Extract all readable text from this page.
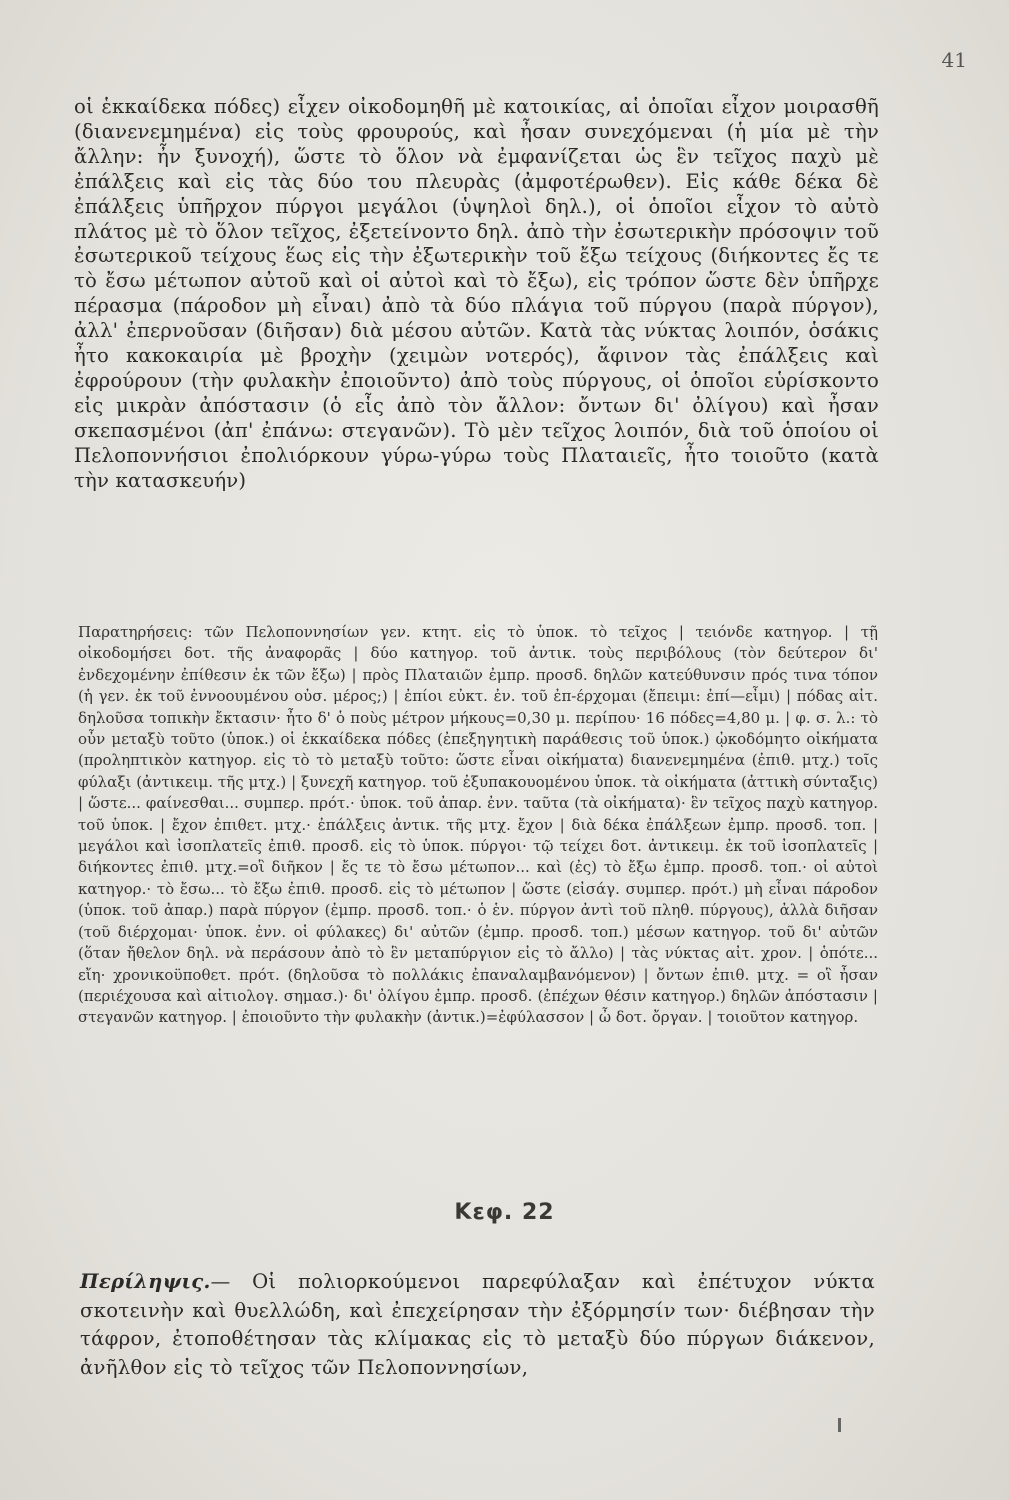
41

οἱ ἑκκαίδεκα πόδες) εἶχεν οἰκοδομηθῆ μὲ κατοικίας, αἱ ὁποῖαι εἶχον μοιρασθῆ (διανενεμημένα) εἰς τοὺς φρουρούς, καὶ ἦσαν συνεχόμεναι (ἡ μία μὲ τὴν ἄλλην: ἦν ξυνοχή), ὥστε τὸ ὅλον νὰ ἐμφανίζεται ὡς ἓν τεῖχος παχὺ μὲ ἐπάλξεις καὶ εἰς τὰς δύο του πλευρὰς (ἀμφοτέρωθεν). Εἰς κάθε δέκα δὲ ἐπάλξεις ὑπῆρχον πύργοι μεγάλοι (ὑψηλοὶ δηλ.), οἱ ὁποῖοι εἶχον τὸ αὐτὸ πλάτος μὲ τὸ ὅλον τεῖχος, ἐξετείνοντο δηλ. ἀπὸ τὴν ἐσωτερικὴν πρόσοψιν τοῦ ἐσωτερικοῦ τείχους ἕως εἰς τὴν ἐξωτερικὴν τοῦ ἔξω τείχους (διήκοντες ἔς τε τὸ ἔσω μέτωπον αὐτοῦ καὶ οἱ αὐτοὶ καὶ τὸ ἔξω), εἰς τρόπον ὥστε δὲν ὑπῆρχε πέρασμα (πάροδον μὴ εἶναι) ἀπὸ τὰ δύο πλάγια τοῦ πύργου (παρὰ πύργον), ἀλλ' ἐπερνοῦσαν (διῆσαν) διὰ μέσου αὐτῶν. Κατὰ τὰς νύκτας λοιπόν, ὁσάκις ἦτο κακοκαιρία μὲ βροχὴν (χειμὼν νοτερός), ἄφινον τὰς ἐπάλξεις καὶ ἐφρούρουν (τὴν φυλακὴν ἐποιοῦντο) ἀπὸ τοὺς πύργους, οἱ ὁποῖοι εὑρίσκοντο εἰς μικρὰν ἀπόστασιν (ὁ εἷς ἀπὸ τὸν ἄλλον: ὄντων δι' ὀλίγου) καὶ ἦσαν σκεπασμένοι (ἀπ' ἐπάνω: στεγανῶν). Τὸ μὲν τεῖχος λοιπόν, διὰ τοῦ ὁποίου οἱ Πελοποννήσιοι ἐπολιόρκουν γύρω-γύρω τοὺς Πλαταιεῖς, ἦτο τοιοῦτο (κατὰ τὴν κατασκευήν)

Παρατηρήσεις: τῶν Πελοποννησίων γεν. κτητ. εἰς τὸ ὑποκ. τὸ τεῖχος | τειόνδε κατηγορ. | τῇ οἰκοδομήσει δοτ. τῆς ἀναφορᾶς | δύο κατηγορ. τοῦ ἀντικ. τοὺς περιβόλους (τὸν δεύτερον δι' ἐνδεχομένην ἐπίθεσιν ἐκ τῶν ἔξω) | πρὸς Πλαταιῶν ἐμπρ. προσδ. δηλῶν κατεύθυνσιν πρός τινα τόπον (ἡ γεν. ἐκ τοῦ ἐννοουμένου οὐσ. μέρος;) | ἐπίοι εὐκτ. ἐν. τοῦ ἐπ-έρχομαι (ἔπειμι: ἐπί—εἶμι) | πόδας αἰτ. δηλοῦσα τοπικὴν ἔκτασιν· ἦτο δ' ὁ ποὺς μέτρον μήκους=0,30 μ. περίπου· 16 πόδες=4,80 μ. | φ. σ. λ.: τὸ οὖν μεταξὺ τοῦτο (ὑποκ.) οἱ ἑκκαίδεκα πόδες (ἐπεξηγητικὴ παράθεσις τοῦ ὑποκ.) ᾠκοδόμητο οἰκήματα (προληπτικὸν κατηγορ. εἰς τὸ τὸ μεταξὺ τοῦτο: ὥστε εἶναι οἰκήματα) διανενεμημένα (ἐπιθ. μτχ.) τοῖς φύλαξι (ἀντικειμ. τῆς μτχ.) | ξυνεχῆ κατηγορ. τοῦ ἐξυπακουομένου ὑποκ. τὰ οἰκήματα (ἀττικὴ σύνταξις) | ὥστε... φαίνεσθαι... συμπερ. πρότ.· ὑποκ. τοῦ ἀπαρ. ἐνν. ταῦτα (τὰ οἰκήματα)· ἓν τεῖχος παχὺ κατηγορ. τοῦ ὑποκ. | ἔχον ἐπιθετ. μτχ.· ἐπάλξεις ἀντικ. τῆς μτχ. ἔχον | διὰ δέκα ἐπάλξεων ἐμπρ. προσδ. τοπ. | μεγάλοι καὶ ἰσοπλατεῖς ἐπιθ. προσδ. εἰς τὸ ὑποκ. πύργοι· τῷ τείχει δοτ. ἀντικειμ. ἐκ τοῦ ἰσοπλατεῖς | διήκοντες ἐπιθ. μτχ.=οἳ διῆκον | ἔς τε τὸ ἔσω μέτωπον... καὶ (ἐς) τὸ ἔξω ἐμπρ. προσδ. τοπ.· οἱ αὐτοὶ κατηγορ.· τὸ ἔσω... τὸ ἔξω ἐπιθ. προσδ. εἰς τὸ μέτωπον | ὥστε (εἰσάγ. συμπερ. πρότ.) μὴ εἶναι πάροδον (ὑποκ. τοῦ ἀπαρ.) παρὰ πύργον (ἐμπρ. προσδ. τοπ.· ὁ ἑν. πύργον ἀντὶ τοῦ πληθ. πύργους), ἀλλὰ διῆσαν (τοῦ διέρχομαι· ὑποκ. ἐνν. οἱ φύλακες) δι' αὐτῶν (ἐμπρ. προσδ. τοπ.) μέσων κατηγορ. τοῦ δι' αὐτῶν (ὅταν ἤθελον δηλ. νὰ περάσουν ἀπὸ τὸ ἓν μεταπύργιον εἰς τὸ ἄλλο) | τὰς νύκτας αἰτ. χρον. | ὁπότε... εἴη· χρονικοϋποθετ. πρότ. (δηλοῦσα τὸ πολλάκις ἐπαναλαμβανόμενον) | ὄντων ἐπιθ. μτχ. = οἳ ἦσαν (περιέχουσα καὶ αἰτιολογ. σημασ.)· δι' ὀλίγου ἐμπρ. προσδ. (ἐπέχων θέσιν κατηγορ.) δηλῶν ἀπόστασιν | στεγανῶν κατηγορ. | ἐποιοῦντο τὴν φυλακὴν (ἀντικ.)=ἐφύλασσον | ὦ δοτ. ὄργαν. | τοιοῦτον κατηγορ.

Κεφ. 22

Περίληψις.— Οἱ πολιορκούμενοι παρεφύλαξαν καὶ ἐπέτυχον νύκτα σκοτεινὴν καὶ θυελλώδη, καὶ ἐπεχείρησαν τὴν ἐξόρμησίν των· διέβησαν τὴν τάφρον, ἐτοποθέτησαν τὰς κλίμακας εἰς τὸ μεταξὺ δύο πύργων διάκενον, ἀνῆλθον εἰς τὸ τεῖχος τῶν Πελοποννησίων,
